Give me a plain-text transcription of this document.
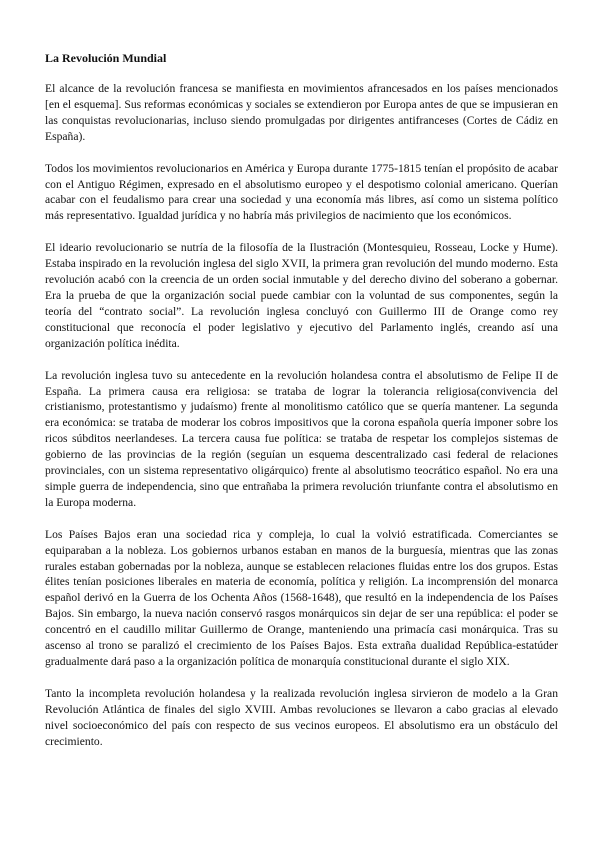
La Revolución Mundial

El alcance de la revolución francesa se manifiesta en movimientos afrancesados en los países mencionados [en el esquema]. Sus reformas económicas y sociales se extendieron por Europa antes de que se impusieran en las conquistas revolucionarias, incluso siendo promulgadas por dirigentes antifranceses (Cortes de Cádiz en España).

Todos los movimientos revolucionarios en América y Europa durante 1775-1815 tenían el propósito de acabar con el Antiguo Régimen, expresado en el absolutismo europeo y el despotismo colonial americano. Querían acabar con el feudalismo para crear una sociedad y una economía más libres, así como un sistema político más representativo. Igualdad jurídica y no habría más privilegios de nacimiento que los económicos.

El ideario revolucionario se nutría de la filosofía de la Ilustración (Montesquieu, Rosseau, Locke y Hume). Estaba inspirado en la revolución inglesa del siglo XVII, la primera gran revolución del mundo moderno. Esta revolución acabó con la creencia de un orden social inmutable y del derecho divino del soberano a gobernar. Era la prueba de que la organización social puede cambiar con la voluntad de sus componentes, según la teoría del “contrato social”. La revolución inglesa concluyó con Guillermo III de Orange como rey constitucional que reconocía el poder legislativo y ejecutivo del Parlamento inglés, creando así una organización política inédita.

La revolución inglesa tuvo su antecedente en la revolución holandesa contra el absolutismo de Felipe II de España. La primera causa era religiosa: se trataba de lograr la tolerancia religiosa(convivencia del cristianismo, protestantismo y judaísmo) frente al monolitismo católico que se quería mantener. La segunda era económica: se trataba de moderar los cobros impositivos que la corona española quería imponer sobre los ricos súbditos neerlandeses. La tercera causa fue política: se trataba de respetar los complejos sistemas de gobierno de las provincias de la región (seguían un esquema descentralizado casi federal de relaciones provinciales, con un sistema representativo oligárquico) frente al absolutismo teocrático español. No era una simple guerra de independencia, sino que entrañaba la primera revolución triunfante contra el absolutismo en la Europa moderna.

Los Países Bajos eran una sociedad rica y compleja, lo cual la volvió estratificada. Comerciantes se equiparaban a la nobleza. Los gobiernos urbanos estaban en manos de la burguesía, mientras que las zonas rurales estaban gobernadas por la nobleza, aunque se establecen relaciones fluidas entre los dos grupos. Estas élites tenían posiciones liberales en materia de economía, política y religión. La incomprensión del monarca español derivó en la Guerra de los Ochenta Años (1568-1648), que resultó en la independencia de los Países Bajos. Sin embargo, la nueva nación conservó rasgos monárquicos sin dejar de ser una república: el poder se concentró en el caudillo militar Guillermo de Orange, manteniendo una primacía casi monárquica. Tras su ascenso al trono se paralizó el crecimiento de los Países Bajos. Esta extraña dualidad República-estatúder gradualmente dará paso a la organización política de monarquía constitucional durante el siglo XIX.

Tanto la incompleta revolución holandesa y la realizada revolución inglesa sirvieron de modelo a la Gran Revolución Atlántica de finales del siglo XVIII. Ambas revoluciones se llevaron a cabo gracias al elevado nivel socioeconómico del país con respecto de sus vecinos europeos. El absolutismo era un obstáculo del crecimiento.
